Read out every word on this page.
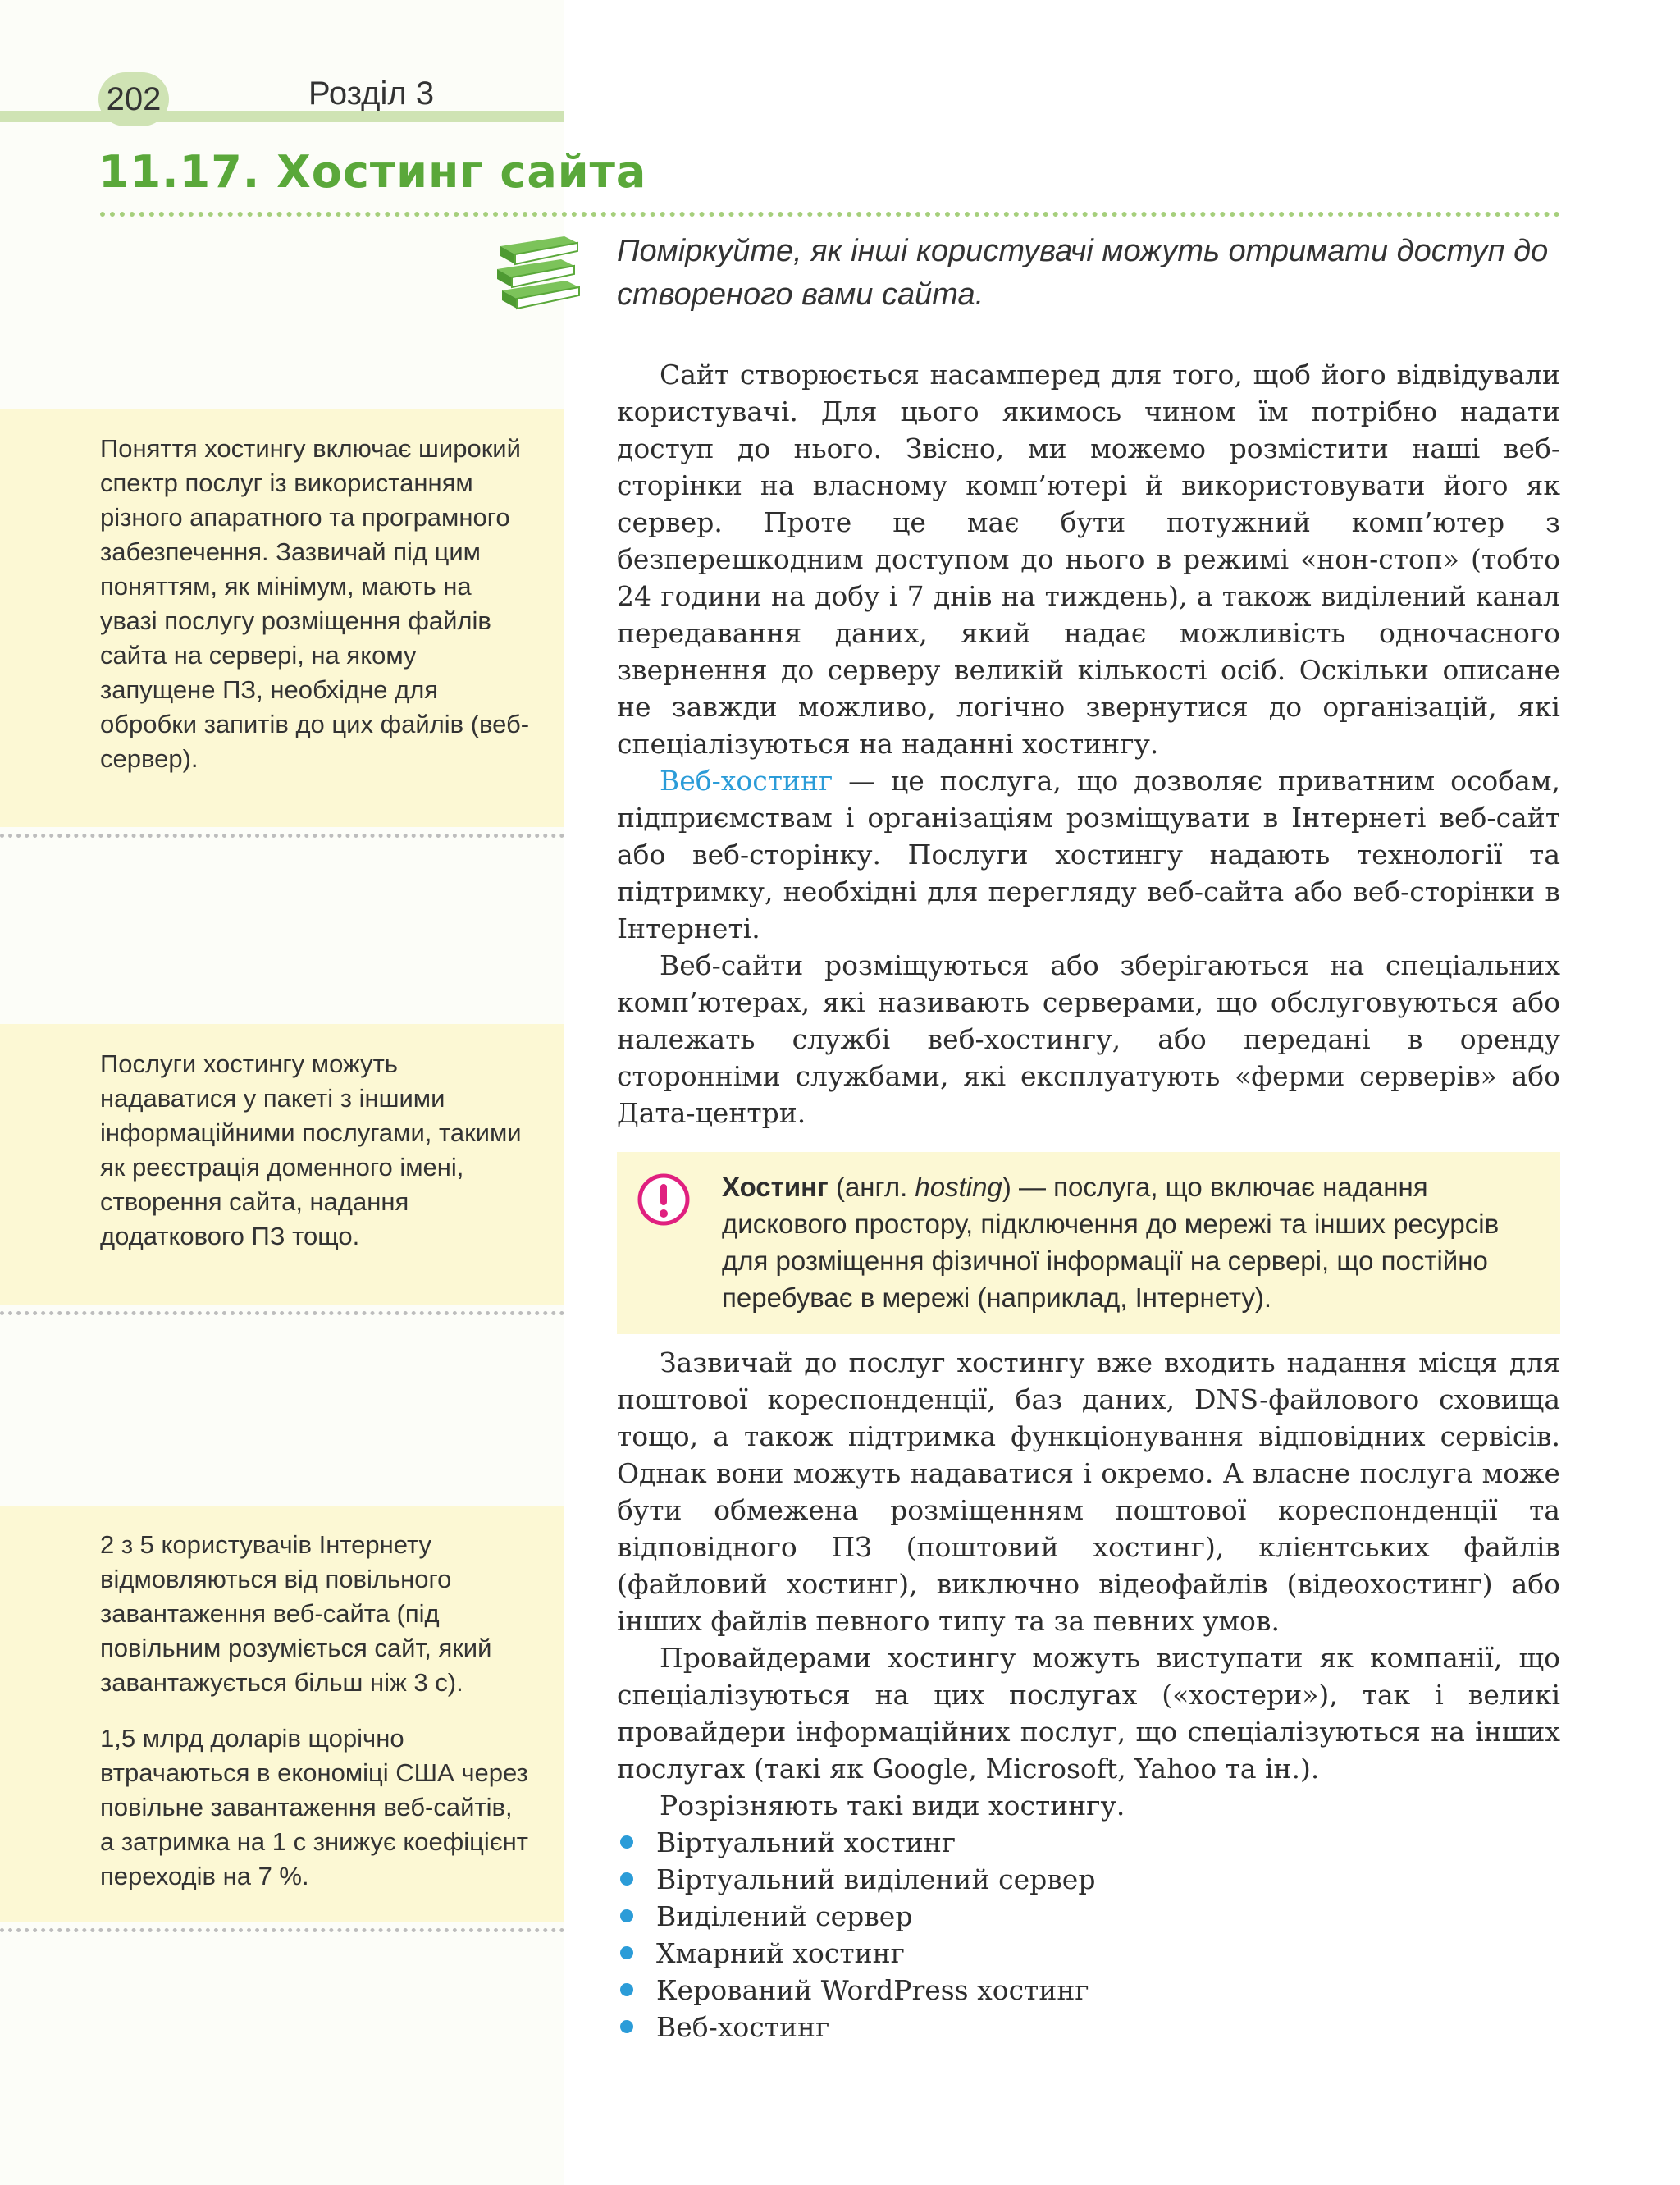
202	Розділ 3
11.17. Хостинг сайта
Поміркуйте, як інші користувачі можуть отримати доступ до створеного вами сайта.

Поняття хостингу включає широкий спектр послуг із використанням різного апаратного та програмного забезпечення. Зазвичай під цим поняттям, як мінімум, мають на увазі послугу розміщення файлів сайта на сервері, на якому запущене ПЗ, необхідне для обробки запитів до цих файлів (веб-сервер).

Послуги хостингу можуть надаватися у пакеті з іншими інформаційними послугами, такими як реєстрація доменного імені, створення сайта, надання додаткового ПЗ тощо.

2 з 5 користувачів Інтернету відмовляються від повільного завантаження веб-сайта (під повільним розуміється сайт, який завантажується більш ніж 3 с).

1,5 млрд доларів щорічно втрачаються в економіці США через повільне завантаження веб-сайтів, а затримка на 1 с знижує коефіцієнт переходів на 7 %.

Сайт створюється насамперед для того, щоб його відвідували користувачі. Для цього якимось чином їм потрібно надати доступ до нього. Звісно, ми можемо розмістити наші веб-сторінки на власному комп’ютері й використовувати його як сервер. Проте це має бути потужний комп’ютер з безперешкодним доступом до нього в режимі «нон-стоп» (тобто 24 години на добу і 7 днів на тиждень), а також виділений канал передавання даних, який надає можливість одночасного звернення до серверу великій кількості осіб. Оскільки описане не завжди можливо, логічно звернутися до організацій, які спеціалізуються на наданні хостингу.

Веб-хостинг — це послуга, що дозволяє приватним особам, підприємствам і організаціям розміщувати в Інтернеті веб-сайт або веб-сторінку. Послуги хостингу надають технології та підтримку, необхідні для перегляду веб-сайта або веб-сторінки в Інтернеті.

Веб-сайти розміщуються або зберігаються на спеціальних комп’ютерах, які називають серверами, що обслуговуються або належать службі веб-хостингу, або передані в оренду сторонніми службами, які експлуатують «ферми серверів» або Дата-центри.

Хостинг (англ. hosting) — послуга, що включає надання дискового простору, підключення до мережі та інших ресурсів для розміщення фізичної інформації на сервері, що постійно перебуває в мережі (наприклад, Інтернету).

Зазвичай до послуг хостингу вже входить надання місця для поштової кореспонденції, баз даних, DNS-файлового сховища тощо, а також підтримка функціонування відповідних сервісів. Однак вони можуть надаватися і окремо. А власне послуга може бути обмежена розміщенням поштової кореспонденції та відповідного ПЗ (поштовий хостинг), клієнтських файлів (файловий хостинг), виключно відеофайлів (відеохостинг) або інших файлів певного типу та за певних умов.

Провайдерами хостингу можуть виступати як компанії, що спеціалізуються на цих послугах («хостери»), так і великі провайдери інформаційних послуг, що спеціалізуються на інших послугах (такі як Google, Microsoft, Yahoo та ін.).

Розрізняють такі види хостингу.

Віртуальний хостинг
Віртуальний виділений сервер
Виділений сервер
Хмарний хостинг
Керований WordPress хостинг
Веб-хостинг
